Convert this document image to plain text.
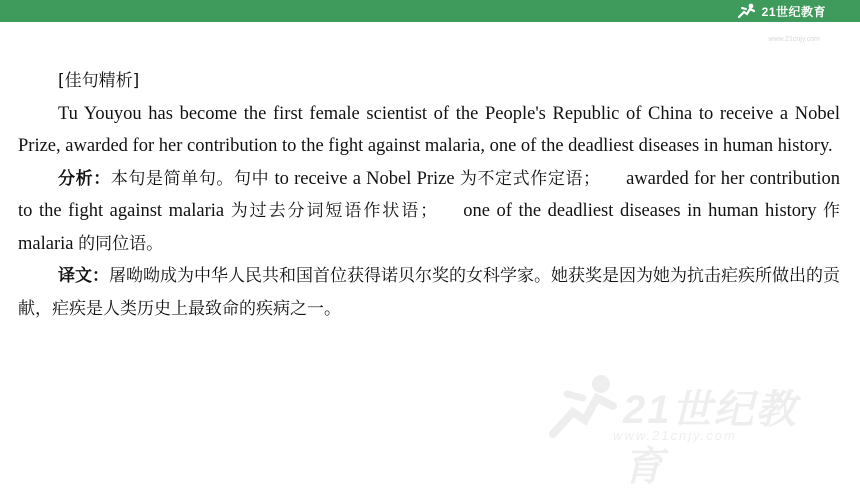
21世纪教育
www.21cnjy.com
21世纪教育
www.21cnjy.com
[佳句精析]

Tu Youyou has become the first female scientist of the People's Republic of China to receive a Nobel Prize, awarded for her contribution to the fight against malaria, one of the deadliest diseases in human history.

分析：本句是简单句。句中 to receive a Nobel Prize 为不定式作定语； awarded for her contribution to the fight against malaria 为过去分词短语作状语； one of the deadliest diseases in human history 作 malaria 的同位语。

译文：屠呦呦成为中华人民共和国首位获得诺贝尔奖的女科学家。她获奖是因为她为抗击疟疾所做出的贡献，疟疾是人类历史上最致命的疾病之一。
